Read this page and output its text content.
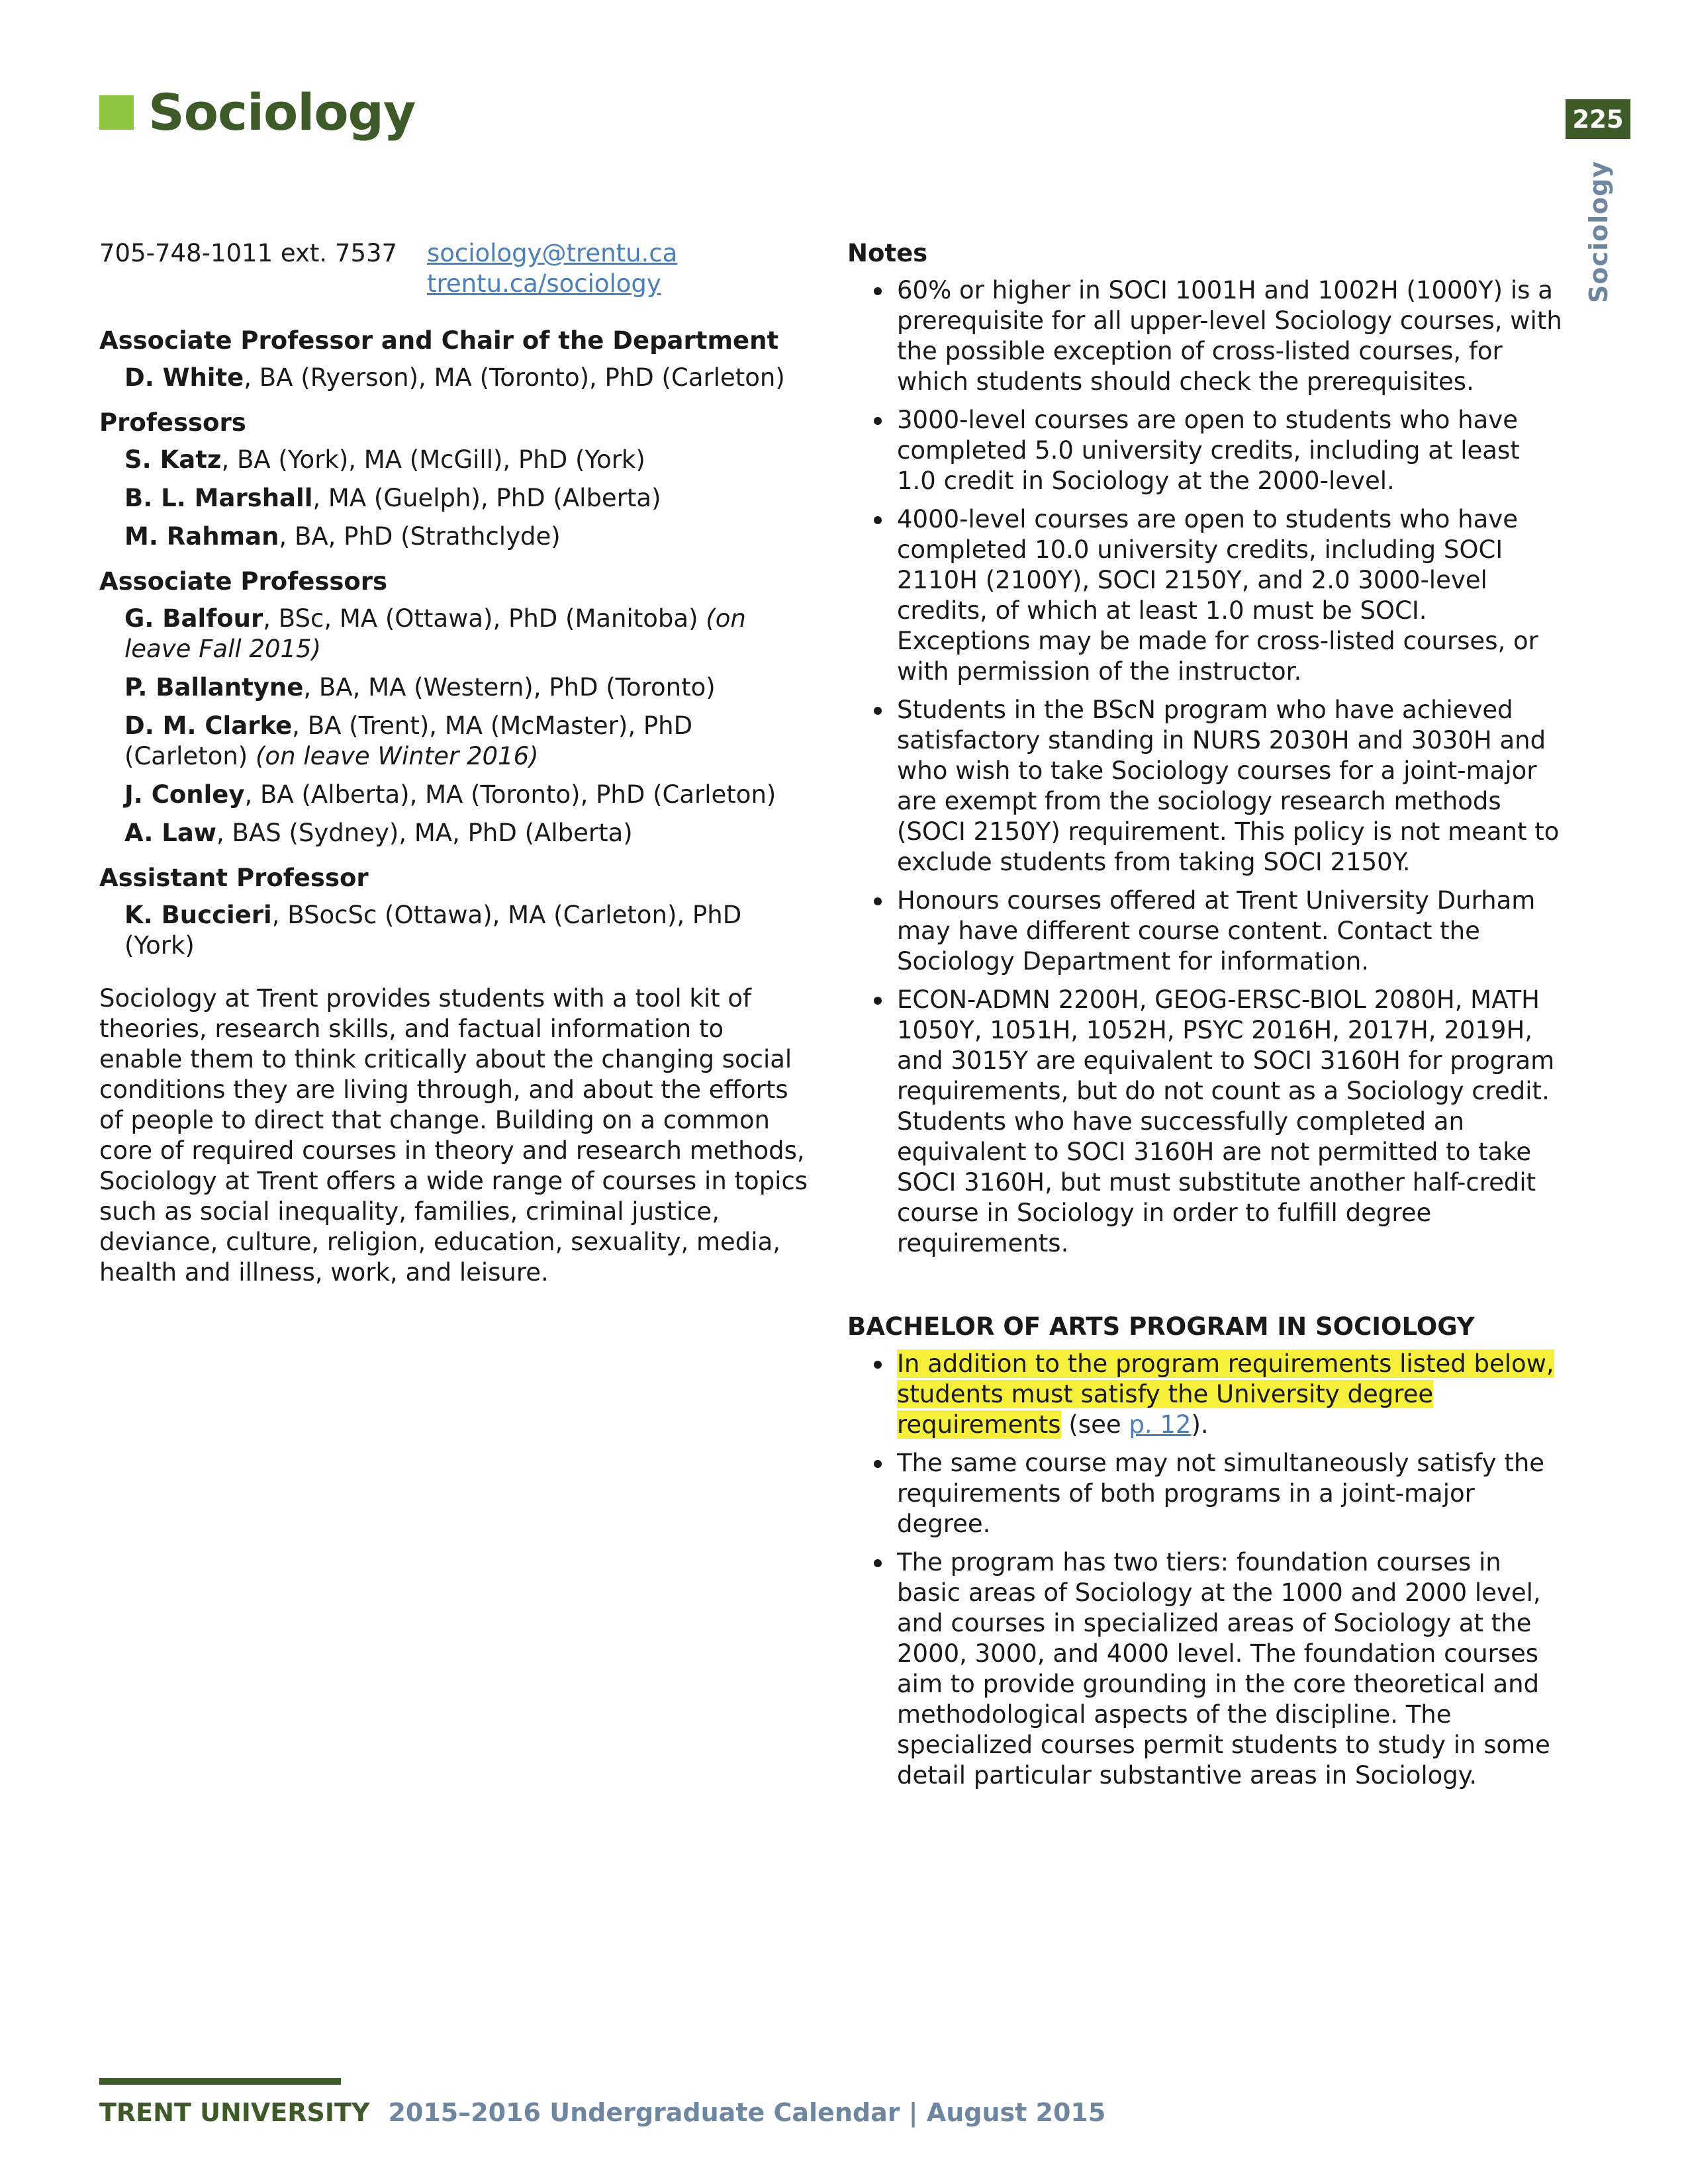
Sociology	225
Sociology
705-748-1011 ext. 7537	sociology@trentu.ca
trentu.ca/sociology
Associate Professor and Chair of the Department
D. White, BA (Ryerson), MA (Toronto), PhD (Carleton)
Professors
S. Katz, BA (York), MA (McGill), PhD (York)
B. L. Marshall, MA (Guelph), PhD (Alberta)
M. Rahman, BA, PhD (Strathclyde)
Associate Professors
G. Balfour, BSc, MA (Ottawa), PhD (Manitoba) (on leave Fall 2015)
P. Ballantyne, BA, MA (Western), PhD (Toronto)
D. M. Clarke, BA (Trent), MA (McMaster), PhD (Carleton) (on leave Winter 2016)
J. Conley, BA (Alberta), MA (Toronto), PhD (Carleton)
A. Law, BAS (Sydney), MA, PhD (Alberta)
Assistant Professor
K. Buccieri, BSocSc (Ottawa), MA (Carleton), PhD (York)
Sociology at Trent provides students with a tool kit of theories, research skills, and factual information to enable them to think critically about the changing social conditions they are living through, and about the efforts of people to direct that change. Building on a common core of required courses in theory and research methods, Sociology at Trent offers a wide range of courses in topics such as social inequality, families, criminal justice, deviance, culture, religion, education, sexuality, media, health and illness, work, and leisure.
Notes
60% or higher in SOCI 1001H and 1002H (1000Y) is a prerequisite for all upper-level Sociology courses, with the possible exception of cross-listed courses, for which students should check the prerequisites.
3000-level courses are open to students who have completed 5.0 university credits, including at least 1.0 credit in Sociology at the 2000-level.
4000-level courses are open to students who have completed 10.0 university credits, including SOCI 2110H (2100Y), SOCI 2150Y, and 2.0 3000-level credits, of which at least 1.0 must be SOCI. Exceptions may be made for cross-listed courses, or with permission of the instructor.
Students in the BScN program who have achieved satisfactory standing in NURS 2030H and 3030H and who wish to take Sociology courses for a joint-major are exempt from the sociology research methods (SOCI 2150Y) requirement. This policy is not meant to exclude students from taking SOCI 2150Y.
Honours courses offered at Trent University Durham may have different course content. Contact the Sociology Department for information.
ECON-ADMN 2200H, GEOG-ERSC-BIOL 2080H, MATH 1050Y, 1051H, 1052H, PSYC 2016H, 2017H, 2019H, and 3015Y are equivalent to SOCI 3160H for program requirements, but do not count as a Sociology credit. Students who have successfully completed an equivalent to SOCI 3160H are not permitted to take SOCI 3160H, but must substitute another half-credit course in Sociology in order to fulfill degree requirements.
BACHELOR OF ARTS PROGRAM IN SOCIOLOGY
In addition to the program requirements listed below, students must satisfy the University degree requirements (see p. 12).
The same course may not simultaneously satisfy the requirements of both programs in a joint-major degree.
The program has two tiers: foundation courses in basic areas of Sociology at the 1000 and 2000 level, and courses in specialized areas of Sociology at the 2000, 3000, and 4000 level. The foundation courses aim to provide grounding in the core theoretical and methodological aspects of the discipline. The specialized courses permit students to study in some detail particular substantive areas in Sociology.
TRENT UNIVERSITY 2015–2016 Undergraduate Calendar | August 2015
